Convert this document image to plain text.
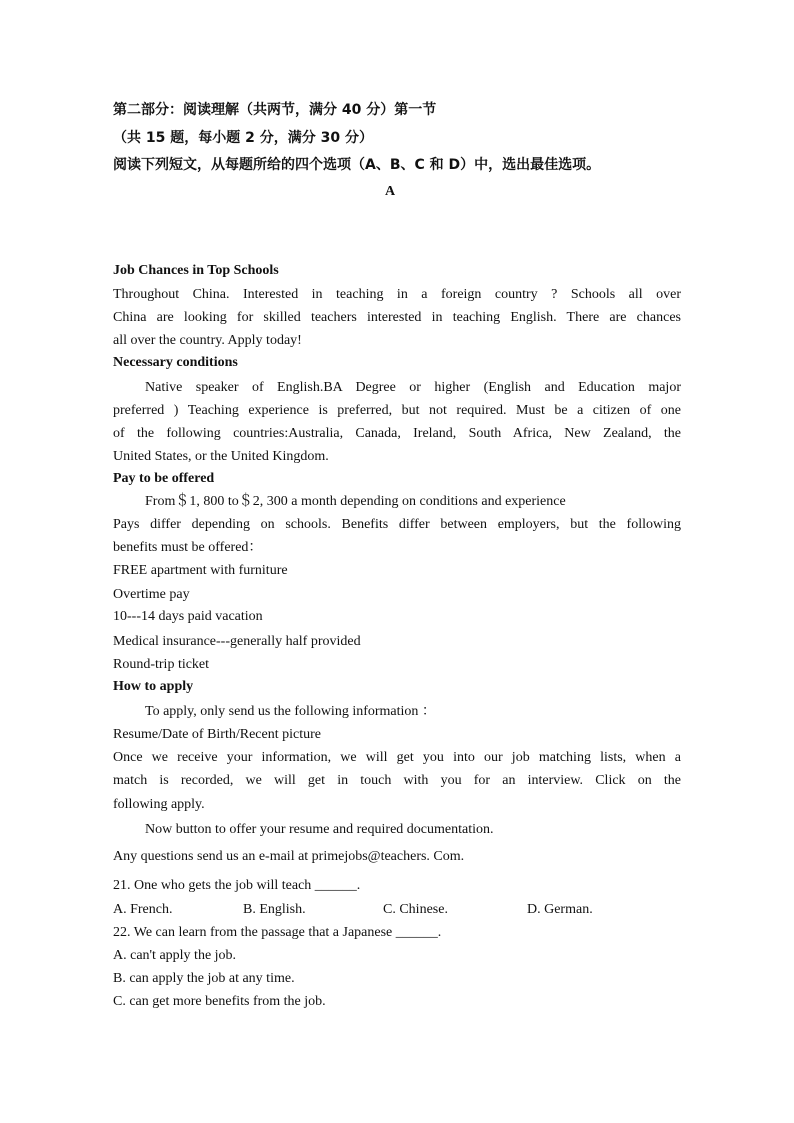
第二部分：阅读理解（共两节，满分 40 分）第一节
（共 15 题，每小题 2 分，满分 30 分）
阅读下列短文，从每题所给的四个选项（A、B、C 和 D）中，选出最佳选项。
A
Job Chances in Top Schools
Throughout China. Interested in teaching in a foreign country ? Schools all over
China are looking for skilled teachers interested in teaching English. There are chances
all over the country. Apply today!
Necessary conditions
Native speaker of English.BA Degree or higher (English and Education major
preferred ) Teaching experience is preferred, but not required. Must be a citizen of one
of the following countries:Australia, Canada, Ireland, South Africa, New Zealand, the
United States, or the United Kingdom.
Pay to be offered
From＄1, 800 to＄2, 300 a month depending on conditions and experience
Pays differ depending on schools. Benefits differ between employers, but the following
benefits must be offered：
FREE apartment with furniture
Overtime pay
10---14 days paid vacation
Medical insurance---generally half provided
Round-trip ticket
How to apply
To apply, only send us the following information ：
Resume/Date of Birth/Recent picture
Once we receive your information, we will get you into our job matching lists, when a
match is recorded, we will get in touch with you for an interview. Click on the
following apply.
Now button to offer your resume and required documentation.
Any questions send us an e-mail at primejobs@teachers. Com.
21. One who gets the job will teach ______.
A. French.	B. English.	C. Chinese.	D. German.
22. We can learn from the passage that a Japanese ______.
A. can't apply the job.
B. can apply the job at any time.
C. can get more benefits from the job.
